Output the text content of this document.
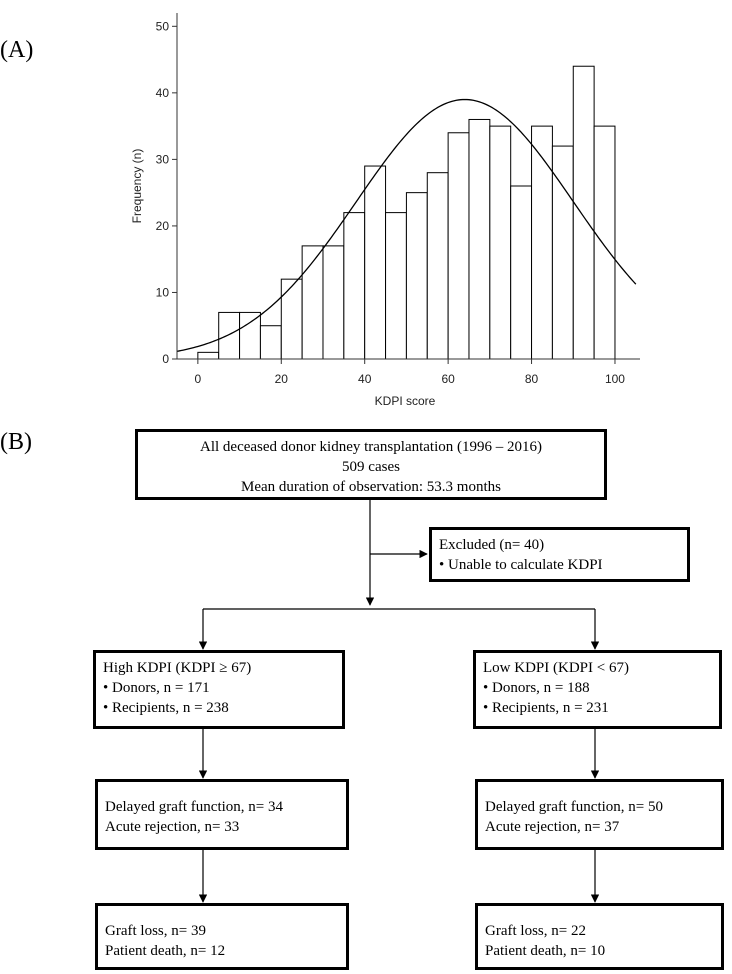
(A)
(B)
0
10
20
30
40
50
0	20	40	60	80	100
KDPI score
Frequency (n)
All deceased donor kidney transplantation (1996 – 2016)
509 cases
Mean duration of observation: 53.3 months
Excluded (n= 40)
• Unable to calculate KDPI
High KDPI (KDPI ≥ 67)
• Donors, n = 171
• Recipients, n = 238
Low KDPI (KDPI < 67)
• Donors, n = 188
• Recipients, n = 231
Delayed graft function, n= 34
Acute rejection, n= 33
Delayed graft function, n= 50
Acute rejection, n= 37
Graft loss, n= 39
Patient death, n= 12
Graft loss, n= 22
Patient death, n= 10
